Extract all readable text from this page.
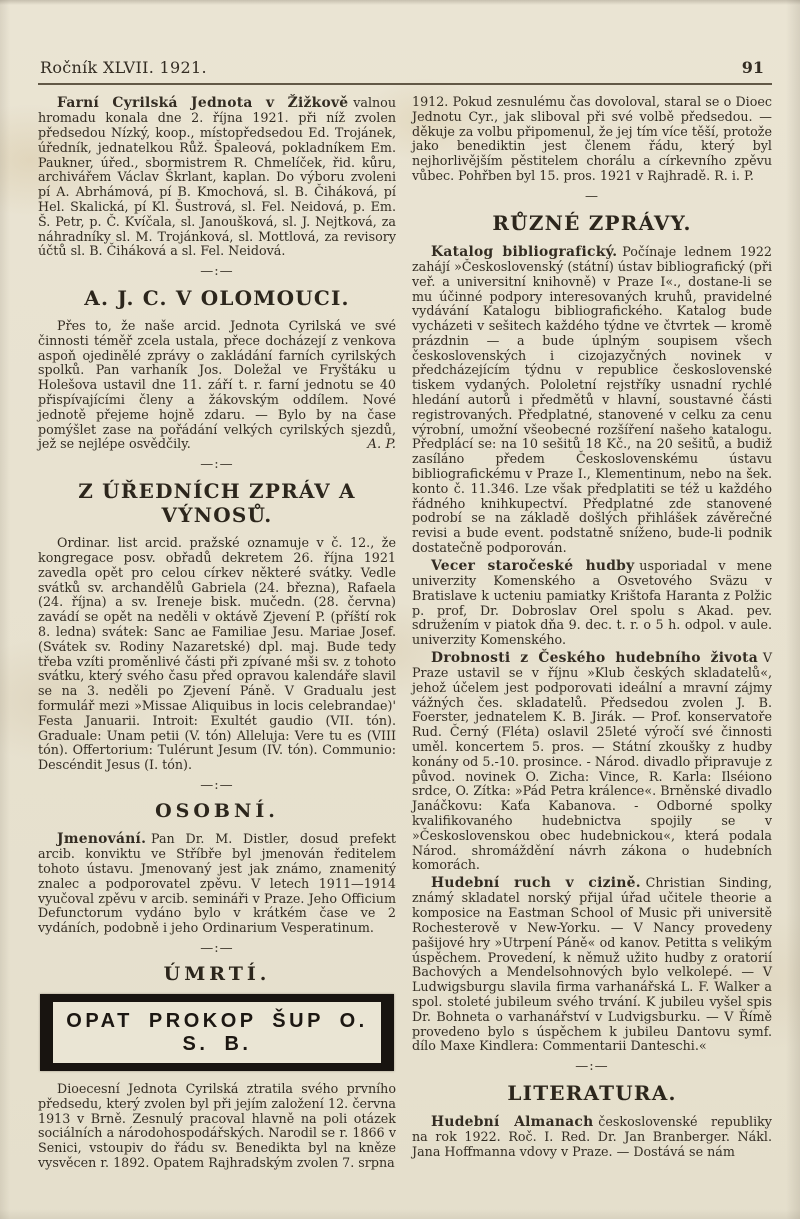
Ročník XLVII. 1921.	91

Farní Cyrilská Jednota v Žižkově valnou hromadu konala dne 2. října 1921. při níž zvolen předsedou Nízký, koop., místopředsedou Ed. Trojánek, úředník, jednatelkou Růž. Špaleová, pokladníkem Em. Paukner, úřed., sbormistrem R. Chmelíček, řid. kůru, archivářem Václav Škrlant, kaplan. Do výboru zvoleni pí A. Abrhámová, pí B. Kmochová, sl. B. Čiháková, pí Hel. Skalická, pí Kl. Šustrová, sl. Fel. Neidová, p. Em. Š. Petr, p. Č. Kvíčala, sl. Janoušková, sl. J. Nejtková, za náhradníky sl. M. Trojánková, sl. Mottlová, za revisory účtů sl. B. Čiháková a sl. Fel. Neidová.

—:—
A. J. C. V OLOMOUCI.

Přes to, že naše arcid. Jednota Cyrilská ve své činnosti téměř zcela ustala, přece docházejí z venkova aspoň ojedinělé zprávy o zakládání farních cyrilských spolků. Pan varhaník Jos. Doležal ve Fryštáku u Holešova ustavil dne 11. září t. r. farní jednotu se 40 přispívajícími členy a žákovským oddílem. Nové jednotě přejeme hojně zdaru. — Bylo by na čase pomýšlet zase na pořádání velkých cyrilských sjezdů, jež se nejlépe osvědčily.	A. P.

—:—
Z ÚŘEDNÍCH ZPRÁV A VÝNOSŮ.

Ordinar. list arcid. pražské oznamuje v č. 12., že kongregace posv. obřadů dekretem 26. října 1921 zavedla opět pro celou církev některé svátky. Vedle svátků sv. archandělů Gabriela (24. března), Rafaela (24. října) a sv. Ireneje bisk. mučedn. (28. června) zavádí se opět na neděli v oktávě Zjevení P. (příští rok 8. ledna) svátek: Sanc ae Familiae Jesu. Mariae Josef. (Svátek sv. Rodiny Nazaretské) dpl. maj. Bude tedy třeba vzíti proměnlivé části při zpívané mši sv. z tohoto svátku, který svého času před opravou kalendáře slavil se na 3. neděli po Zjevení Páně. V Gradualu jest formulář mezi »Missae Aliquibus in locis celebrandae)' Festa Januarii. Introit: Exultét gaudio (VII. tón). Graduale: Unam petii (V. tón) Alleluja: Vere tu es (VIII tón). Offertorium: Tulérunt Jesum (IV. tón). Communio: Descéndit Jesus (I. tón).

—:—
OSOBNÍ.

Jmenování. Pan Dr. M. Distler, dosud prefekt arcib. konviktu ve Stříbře byl jmenován ředitelem tohoto ústavu. Jmenovaný jest jak známo, znamenitý znalec a podporovatel zpěvu. V letech 1911—1914 vyučoval zpěvu v arcib. semináři v Praze. Jeho Officium Defunctorum vydáno bylo v krátkém čase ve 2 vydáních, podobně i jeho Ordinarium Vesperatinum.

—:—
ÚMRTÍ.
OPAT PROKOP ŠUP O. S. B.

Dioecesní Jednota Cyrilská ztratila svého prvního předsedu, který zvolen byl při jejím založení 12. června 1913 v Brně. Zesnulý pracoval hlavně na poli otázek sociálních a národohospodářských. Narodil se r. 1866 v Senici, vstoupiv do řádu sv. Benedikta byl na kněze vysvěcen r. 1892. Opatem Rajhradským zvolen 7. srpna

1912. Pokud zesnulému čas dovoloval, staral se o Dioec Jednotu Cyr., jak sliboval při své volbě předsedou. — děkuje za volbu připomenul, že jej tím více těší, protože jako benediktin jest členem řádu, který byl nejhorlivějším pěstitelem chorálu a církevního zpěvu vůbec. Pohřben byl 15. pros. 1921 v Rajhradě. R. i. P.

—
RŮZNÉ ZPRÁVY.

Katalog bibliografický. Počínaje lednem 1922 zahájí »Československý (státní) ústav bibliografický (při veř. a universitní knihovně) v Praze I«., dostane-li se mu účinné podpory interesovaných kruhů, pravidelné vydávání Katalogu bibliografického. Katalog bude vycházeti v sešitech každého týdne ve čtvrtek — kromě prázdnin — a bude úplným soupisem všech československých i cizojazyčných novinek v předcházejícím týdnu v republice československé tiskem vydaných. Pololetní rejstříky usnadní rychlé hledání autorů i předmětů v hlavní, soustavné části registrovaných. Předplatné, stanovené v celku za cenu výrobní, umožní všeobecné rozšíření našeho katalogu. Předplácí se: na 10 sešitů 18 Kč., na 20 sešitů, a budiž zasíláno předem Československému ústavu bibliografickému v Praze I., Klementinum, nebo na šek. konto č. 11.346. Lze však předplatiti se též u každého řádného knihkupectví. Předplatné zde stanovené podrobí se na základě došlých přihlášek závěrečné revisi a bude event. podstatně sníženo, bude-li podnik dostatečně podporován.

Vecer staročeské hudby usporiadal v mene univerzity Komenského a Osvetového Sväzu v Bratislave k ucteniu pamiatky Krištofa Haranta z Polžic p. prof, Dr. Dobroslav Orel spolu s Akad. pev. sdružením v piatok dňa 9. dec. t. r. o 5 h. odpol. v aule. univerzity Komenského.

Drobnosti z Českého hudebního života V Praze ustavil se v říjnu »Klub českých skladatelů«, jehož účelem jest podporovati ideální a mravní zájmy vážných čes. skladatelů. Předsedou zvolen J. B. Foerster, jednatelem K. B. Jirák. — Prof. konservatoře Rud. Černý (Fléta) oslavil 25leté výročí své činnosti uměl. koncertem 5. pros. — Státní zkoušky z hudby konány od 5.-10. prosince. - Národ. divadlo připravuje z původ. novinek O. Zicha: Vince, R. Karla: Ilséiono srdce, O. Zítka: »Pád Petra králence«. Brněnské divadlo Janáčkovu: Kaťa Kabanova. - Odborné spolky kvalifikovaného hudebnictva spojily se v »Československou obec hudebnickou«, která podala Národ. shromáždění návrh zákona o hudebních komorách.

Hudební ruch v cizině. Christian Sinding, známý skladatel norský přijal úřad učitele theorie a komposice na Eastman School of Music při universitě Rochesterově v New-Yorku. — V Nancy provedeny pašijové hry »Utrpení Páně« od kanov. Petitta s velikým úspěchem. Provedení, k němuž užito hudby z oratorií Bachových a Mendelsohnových bylo velkolepé. — V Ludwigsburgu slavila firma varhanářská L. F. Walker a spol. stoleté jubileum svého trvání. K jubileu vyšel spis Dr. Bohneta o varhanářství v Ludvigsburku. — V Římě provedeno bylo s úspěchem k jubileu Dantovu symf. dílo Maxe Kindlera: Commentarii Danteschi.«

—:—
LITERATURA.

Hudební Almanach československé republiky na rok 1922. Roč. I. Red. Dr. Jan Branberger. Nákl. Jana Hoffmanna vdovy v Praze. — Dostává se nám
